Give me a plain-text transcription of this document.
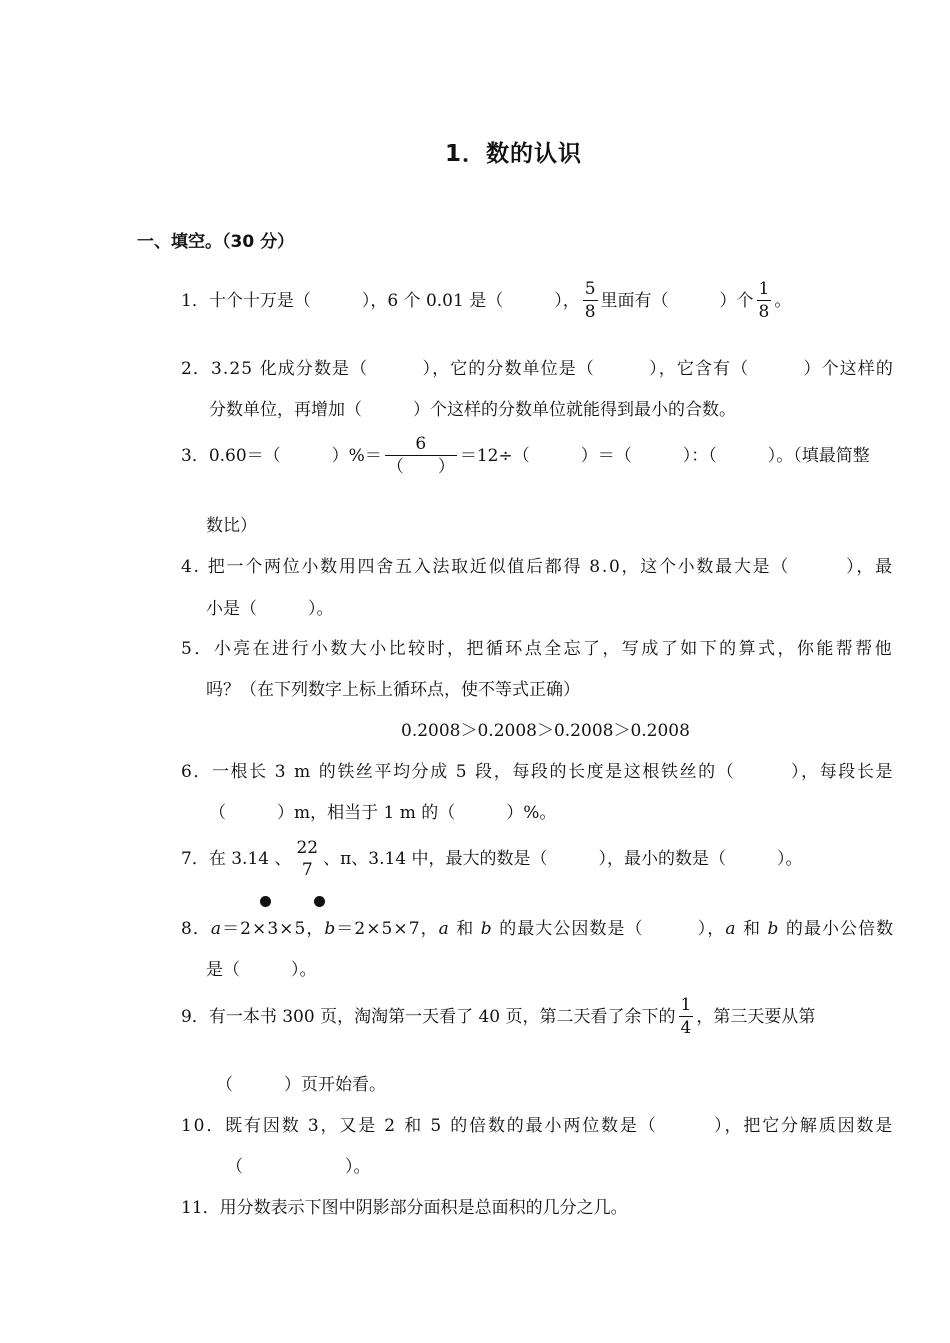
1．数的认识
一、填空。（30 分）
1．十个十万是（　　　），6 个 0.01 是（　　　）， $\frac{5}{8}$ 里面有（　　　）个 $\frac{1}{8}$ 。
2．3.25 化成分数是（　　　），它的分数单位是（　　　），它含有（　　　）个这样的
分数单位，再增加（　　　）个这样的分数单位就能得到最小的合数。
3．0.60＝（　　　）%＝ $\frac{6}{( )} =12\div$（　　　）＝（　　　）：（　　　）。（填最简整
数比）
4. 把一个两位小数用四舍五入法取近似值后都得 8.0，这个小数最大是（　　　），最
小是（　　　）。
5．小亮在进行小数大小比较时，把循环点全忘了，写成了如下的算式，你能帮帮他
吗？（在下列数字上标上循环点，使不等式正确）
0.2008＞0.2008＞0.2008＞0.2008
6．一根长 3 m 的铁丝平均分成 5 段，每段的长度是这根铁丝的（　　　），每段长是
（　　　）m，相当于 1 m 的（　　　）%。
7．在 3.14 、
22
7
、π、3.14 中，最大的数是（　　　），最小的数是（　　　）。
8．a＝2×3×5，b＝2×5×7，a 和 b 的最大公因数是（　　　），a 和 b 的最小公倍数
是（　　　）。
9．有一本书 300 页，淘淘第一天看了 40 页，第二天看了余下的 $\frac{1}{4}$ ，第三天要从第
（　　　）页开始看。
10．既有因数 3，又是 2 和 5 的倍数的最小两位数是（　　　），把它分解质因数是
（　　　　　　）。
11．用分数表示下图中阴影部分面积是总面积的几分之几。
